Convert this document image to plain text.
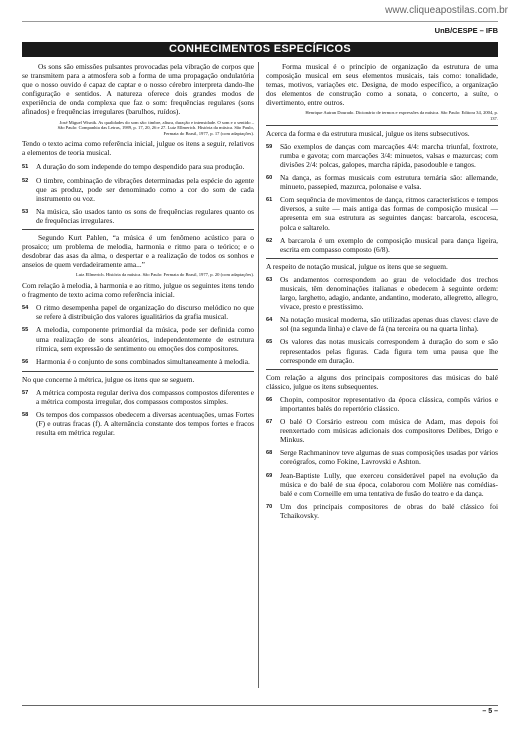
www.cliqueapostilas.com.br
UnB/CESPE – IFB
CONHECIMENTOS ESPECÍFICOS

Os sons são emissões pulsantes provocadas pela vibração de corpos que se transmitem para a atmosfera sob a forma de uma propagação ondulatória que o nosso ouvido é capaz de captar e o nosso cérebro interpreta dando-lhe configuração e sentidos. A natureza oferece dois grandes modos de experiência de onda complexa que faz o som: frequências regulares (sons afinados) e frequências irregulares (barulhos, ruídos).

José Miguel Wisnik. As qualidades do som são: timbre, altura, duração e intensidade. O som e o sentido – São Paulo: Companhia das Letras, 1989, p. 17, 20, 26 e 27. Luiz Ellmerich. História da música. São Paulo, Fermata do Brasil, 1977, p. 17 (com adaptações).

Tendo o texto acima como referência inicial, julgue os itens a seguir, relativos a elementos de teoria musical.

51	A duração do som independe do tempo despendido para sua produção.
52	O timbre, combinação de vibrações determinadas pela espécie do agente que as produz, pode ser denominado como a cor do som de cada instrumento ou voz.
53	Na música, são usados tanto os sons de frequências regulares quanto os de frequências irregulares.

Segundo Kurt Pahlen, “a música é um fenômeno acústico para o prosaico; um problema de melodia, harmonia e ritmo para o teórico; e o desdobrar das asas da alma, o despertar e a realização de todos os sonhos e anseios de quem verdadeiramente ama...”

Luiz Ellmerich. História da música. São Paulo: Fermata do Brasil, 1977, p. 20 (com adaptações).

Com relação à melodia, à harmonia e ao ritmo, julgue os seguintes itens tendo o fragmento de texto acima como referência inicial.

54	O ritmo desempenha papel de organização do discurso melódico no que se refere à distribuição dos valores igualitários da grafia musical.
55	A melodia, componente primordial da música, pode ser definida como uma realização de sons aleatórios, independentemente de estrutura rítmica, sem expressão de sentimento ou emoções dos compositores.
56	Harmonia é o conjunto de sons combinados simultaneamente à melodia.

No que concerne à métrica, julgue os itens que se seguem.

57	A métrica composta regular deriva dos compassos compostos diferentes e a métrica composta irregular, dos compassos compostos simples.
58	Os tempos dos compassos obedecem a diversas acentuações, umas Fortes (F) e outras fracas (f). A alternância constante dos tempos fortes e fracos resulta em métrica regular.

Forma musical é o princípio de organização da estrutura de uma composição musical em seus elementos musicais, tais como: tonalidade, temas, motivos, variações etc. Designa, de modo específico, a organização dos elementos de construção como a sonata, o concerto, a suíte, o divertimento, entre outros.

Henrique Autran Dourado. Dicionário de termos e expressões da música. São Paulo: Editora 34, 2004, p. 137.

Acerca da forma e da estrutura musical, julgue os itens subsecutivos.

59	São exemplos de danças com marcações 4/4: marcha triunfal, foxtrote, rumba e gavota; com marcações 3/4: minuetos, valsas e mazurcas; com divisões 2/4: polcas, galopes, marcha rápida, pasodouble e tangos.
60	Na dança, as formas musicais com estrutura ternária são: allemande, minueto, passepied, mazurca, polonaise e valsa.
61	Com sequência de movimentos de dança, ritmos característicos e tempos diversos, a suíte — mais antiga das formas de composição musical — apresenta em sua estrutura as seguintes danças: barcarola, escocesa, polca e saltarelo.
62	A barcarola é um exemplo de composição musical para dança ligeira, escrita em compasso composto (6/8).

A respeito de notação musical, julgue os itens que se seguem.

63	Os andamentos correspondem ao grau de velocidade dos trechos musicais, têm denominações italianas e obedecem à seguinte ordem: largo, larghetto, adagio, andante, andantino, moderato, allegretto, allegro, vivace, presto e prestíssimo.
64	Na notação musical moderna, são utilizadas apenas duas claves: clave de sol (na segunda linha) e clave de fá (na terceira ou na quarta linha).
65	Os valores das notas musicais correspondem à duração do som e são representados pelas figuras. Cada figura tem uma pausa que lhe corresponde em duração.

Com relação a alguns dos principais compositores das músicas do balé clássico, julgue os itens subsequentes.

66	Chopin, compositor representativo da época clássica, compôs vários e importantes balés do repertório clássico.
67	O balé O Corsário estreou com música de Adam, mas depois foi reenxertado com músicas adicionais dos compositores Delibes, Drigo e Minkus.
68	Serge Rachmaninov teve algumas de suas composições usadas por vários coreógrafos, como Fokine, Lavrovski e Ashton.
69	Jean-Baptiste Lully, que exerceu considerável papel na evolução da música e do balé de sua época, colaborou com Molière nas comédias-balé e com Corneille em uma tentativa de fusão do teatro e da dança.
70	Um dos principais compositores de obras do balé clássico foi Tchaikovsky.
– 5 –
